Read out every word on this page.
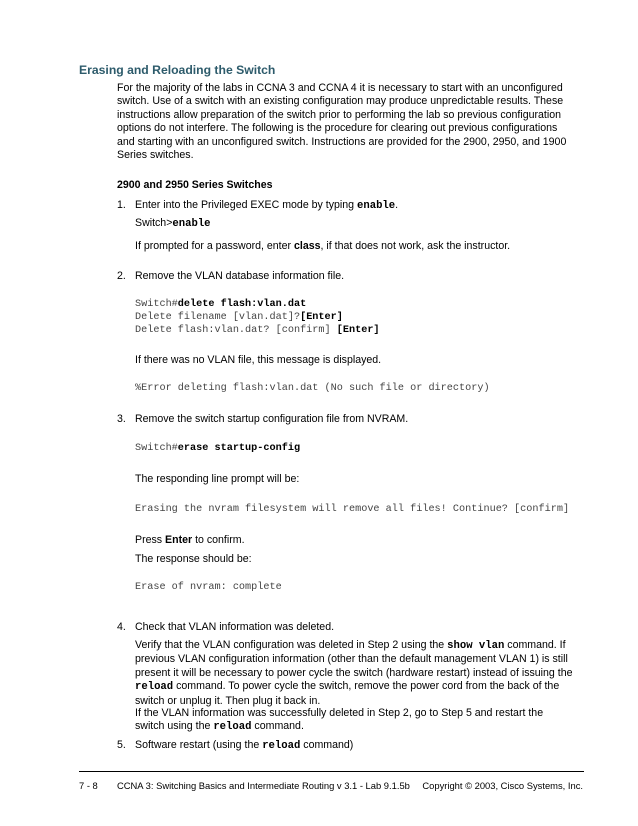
Erasing and Reloading the Switch

For the majority of the labs in CCNA 3 and CCNA 4 it is necessary to start with an unconfigured switch. Use of a switch with an existing configuration may produce unpredictable results. These instructions allow preparation of the switch prior to performing the lab so previous configuration options do not interfere. The following is the procedure for clearing out previous configurations and starting with an unconfigured switch. Instructions are provided for the 2900, 2950, and 1900 Series switches.

2900 and 2950 Series Switches
1. Enter into the Privileged EXEC mode by typing enable.
Switch>enable
If prompted for a password, enter class, if that does not work, ask the instructor.
2. Remove the VLAN database information file.
Switch#delete flash:vlan.dat
Delete filename [vlan.dat]?[Enter]
Delete flash:vlan.dat? [confirm] [Enter]
If there was no VLAN file, this message is displayed.
%Error deleting flash:vlan.dat (No such file or directory)
3. Remove the switch startup configuration file from NVRAM.
Switch#erase startup-config
The responding line prompt will be:
Erasing the nvram filesystem will remove all files! Continue? [confirm]
Press Enter to confirm.
The response should be:
Erase of nvram: complete
4. Check that VLAN information was deleted.

Verify that the VLAN configuration was deleted in Step 2 using the show vlan command. If previous VLAN configuration information (other than the default management VLAN 1) is still present it will be necessary to power cycle the switch (hardware restart) instead of issuing the reload command. To power cycle the switch, remove the power cord from the back of the switch or unplug it. Then plug it back in.

If the VLAN information was successfully deleted in Step 2, go to Step 5 and restart the switch using the reload command.

5. Software restart (using the reload command)
7 - 8 CCNA 3: Switching Basics and Intermediate Routing v 3.1 - Lab 9.1.5b Copyright © 2003, Cisco Systems, Inc.
